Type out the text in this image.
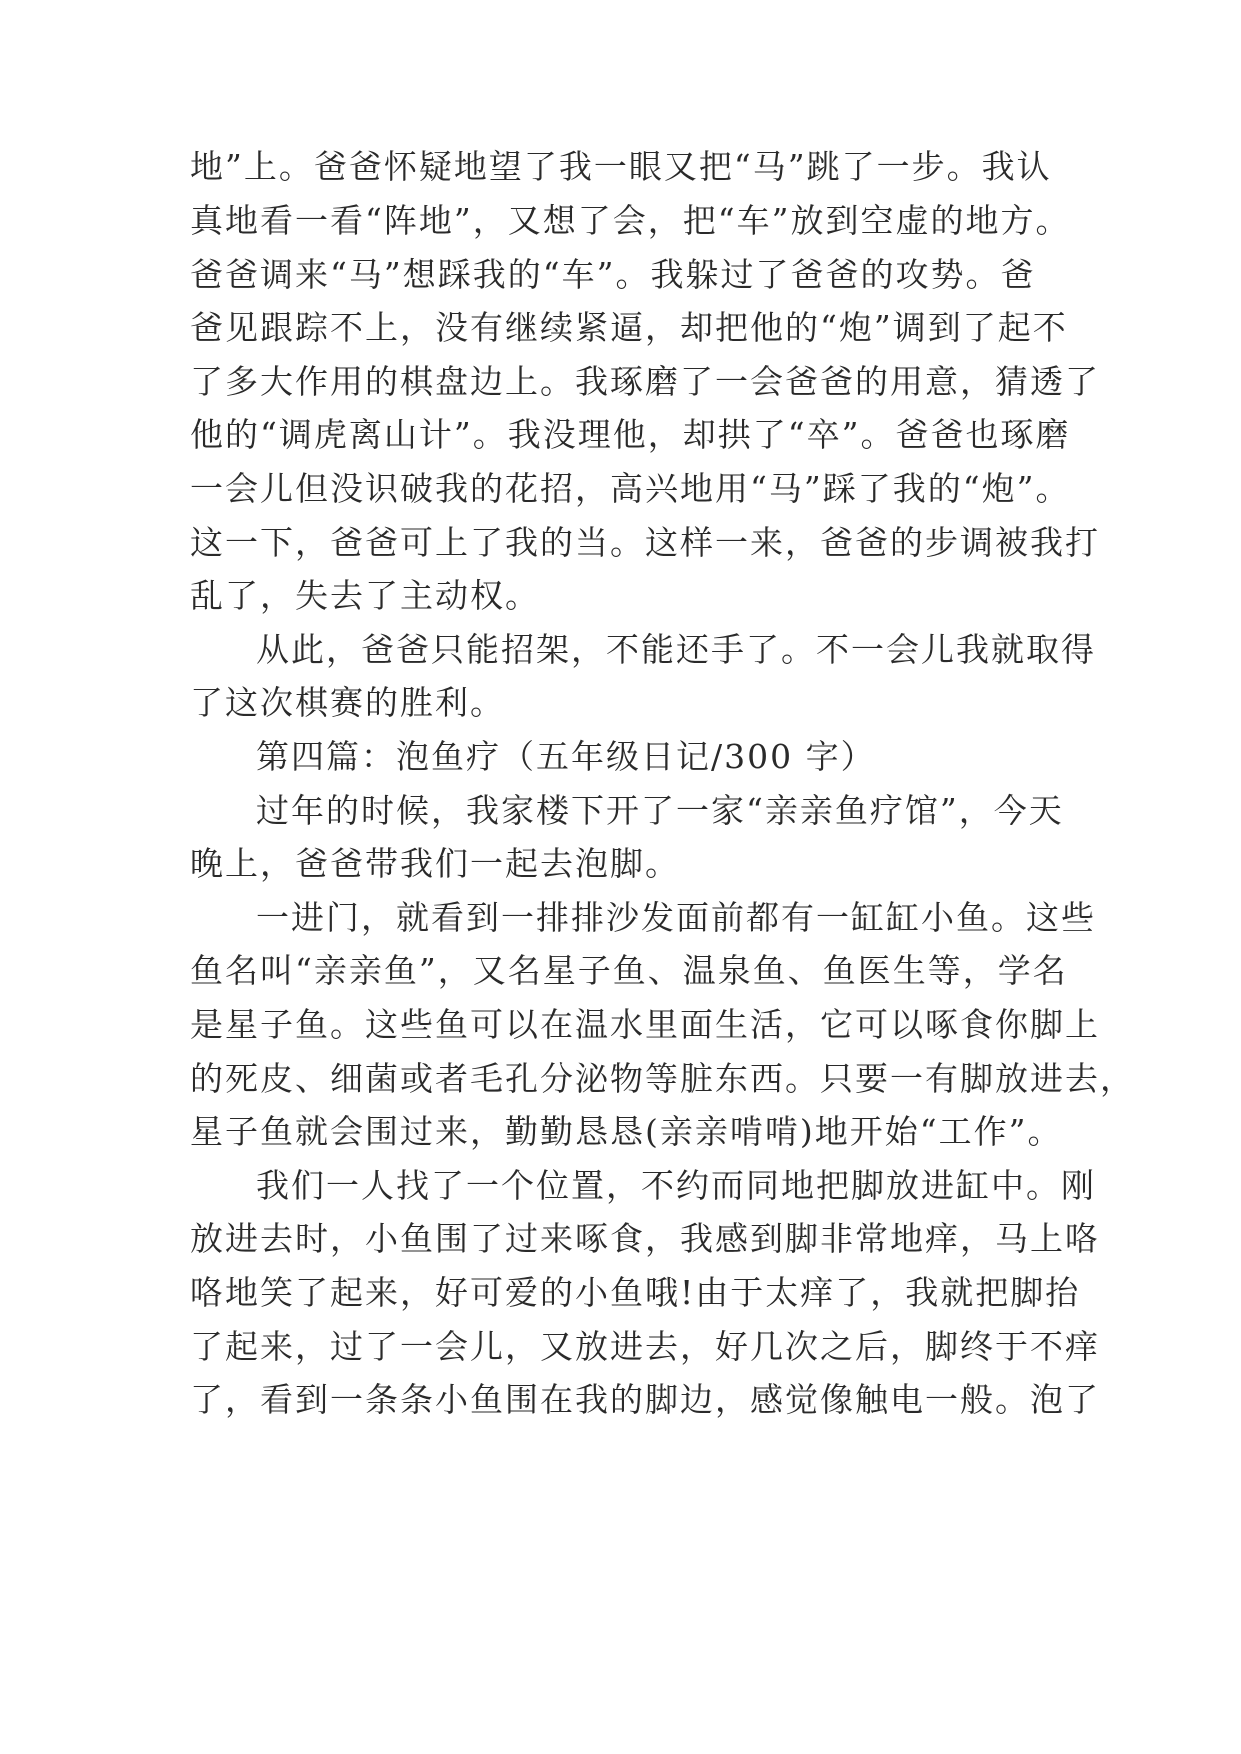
地”上。爸爸怀疑地望了我一眼又把“马”跳了一步。我认
真地看一看“阵地”，又想了会，把“车”放到空虚的地方。
爸爸调来“马”想踩我的“车”。我躲过了爸爸的攻势。爸
爸见跟踪不上，没有继续紧逼，却把他的“炮”调到了起不
了多大作用的棋盘边上。我琢磨了一会爸爸的用意，猜透了
他的“调虎离山计”。我没理他，却拱了“卒”。爸爸也琢磨
一会儿但没识破我的花招，高兴地用“马”踩了我的“炮”。
这一下，爸爸可上了我的当。这样一来，爸爸的步调被我打
乱了，失去了主动权。
从此，爸爸只能招架，不能还手了。不一会儿我就取得
了这次棋赛的胜利。
第四篇：泡鱼疗（五年级日记/300 字）
过年的时候，我家楼下开了一家“亲亲鱼疗馆”，今天
晚上，爸爸带我们一起去泡脚。
一进门，就看到一排排沙发面前都有一缸缸小鱼。这些
鱼名叫“亲亲鱼”，又名星子鱼、温泉鱼、鱼医生等，学名
是星子鱼。这些鱼可以在温水里面生活，它可以啄食你脚上
的死皮、细菌或者毛孔分泌物等脏东西。只要一有脚放进去，
星子鱼就会围过来，勤勤恳恳(亲亲啃啃)地开始“工作”。
我们一人找了一个位置，不约而同地把脚放进缸中。刚
放进去时，小鱼围了过来啄食，我感到脚非常地痒，马上咯
咯地笑了起来，好可爱的小鱼哦!由于太痒了，我就把脚抬
了起来，过了一会儿，又放进去，好几次之后，脚终于不痒
了，看到一条条小鱼围在我的脚边，感觉像触电一般。泡了
